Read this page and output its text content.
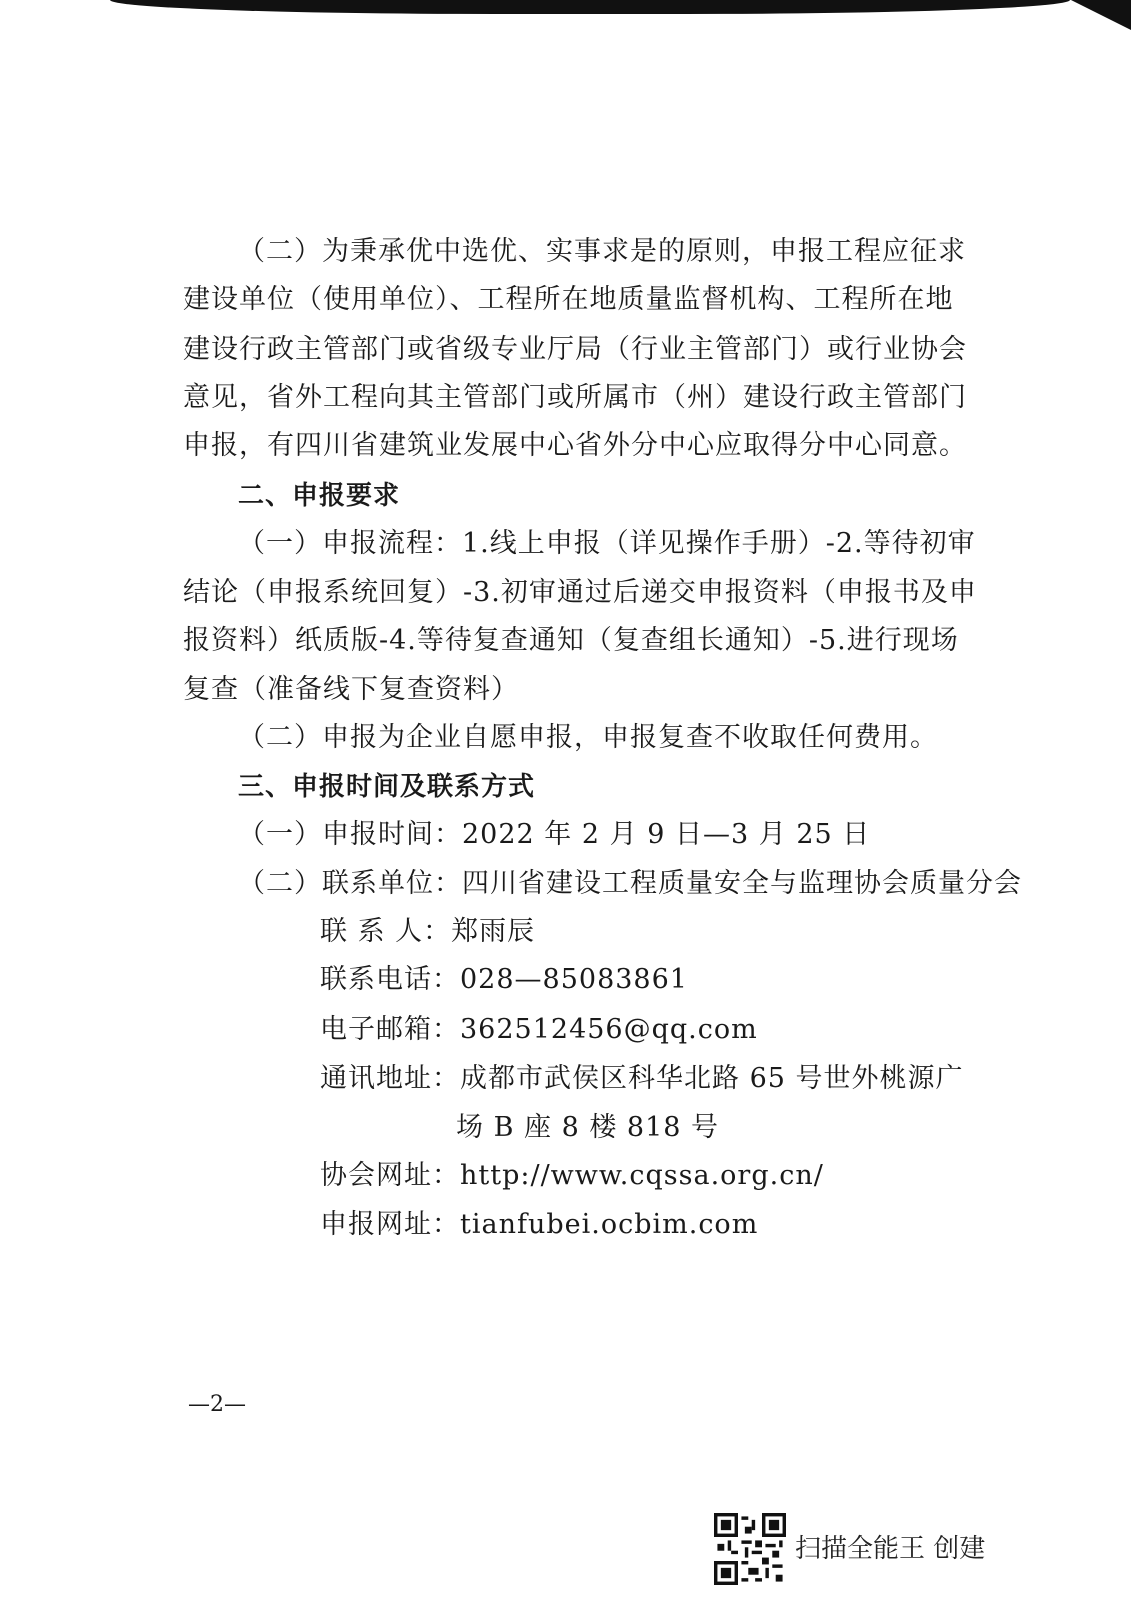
（二）为秉承优中选优、实事求是的原则，申报工程应征求
建设单位（使用单位）、工程所在地质量监督机构、工程所在地
建设行政主管部门或省级专业厅局（行业主管部门）或行业协会
意见，省外工程向其主管部门或所属市（州）建设行政主管部门
申报，有四川省建筑业发展中心省外分中心应取得分中心同意。
二、申报要求
（一）申报流程：1.线上申报（详见操作手册）-2.等待初审
结论（申报系统回复）-3.初审通过后递交申报资料（申报书及申
报资料）纸质版-4.等待复查通知（复查组长通知）-5.进行现场
复查（准备线下复查资料）
（二）申报为企业自愿申报，申报复查不收取任何费用。
三、申报时间及联系方式
（一）申报时间：2022 年 2 月 9 日—3 月 25 日
（二）联系单位：四川省建设工程质量安全与监理协会质量分会
联 系 人：郑雨辰
联系电话：028—85083861
电子邮箱：362512456@qq.com
通讯地址：成都市武侯区科华北路 65 号世外桃源广
场 B 座 8 楼 818 号
协会网址：http://www.cqssa.org.cn/
申报网址：tianfubei.ocbim.com
—2—
扫描全能王 创建
